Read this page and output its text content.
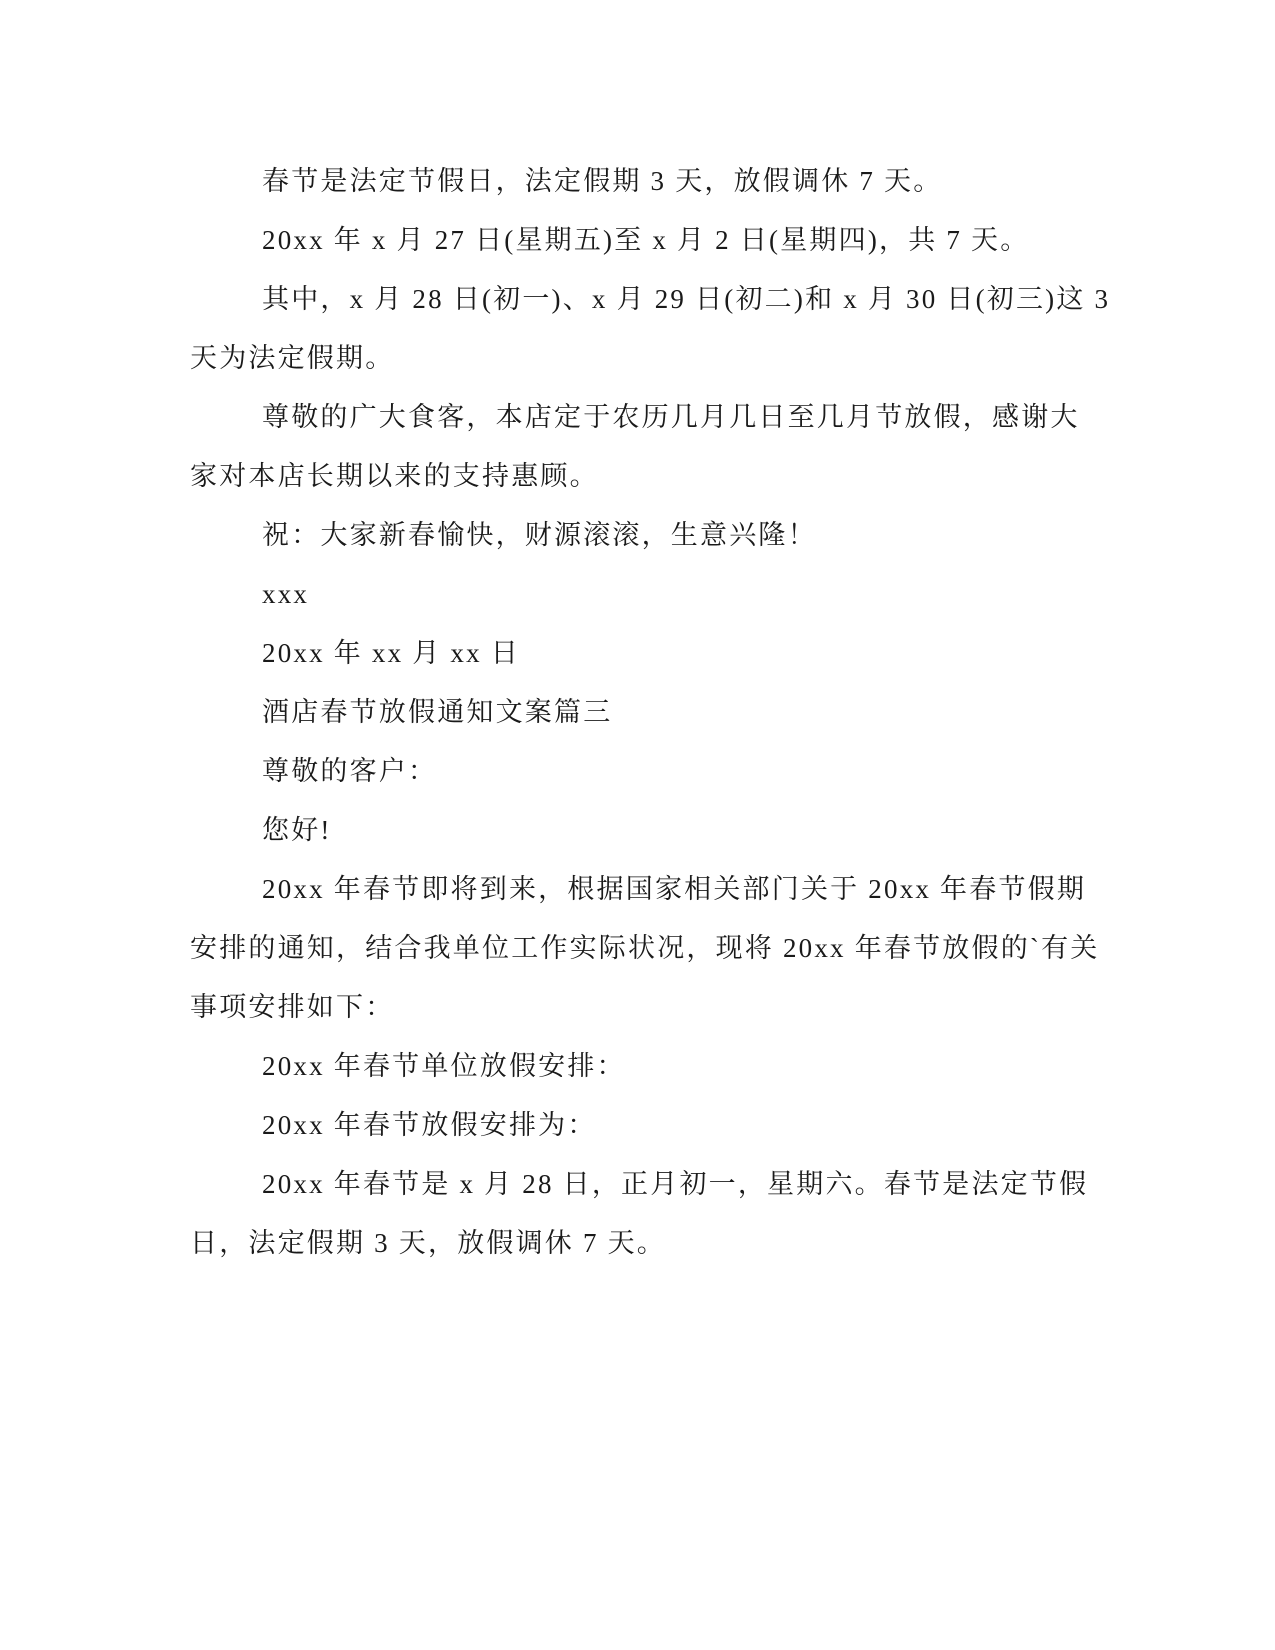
春节是法定节假日，法定假期 3 天，放假调休 7 天。
20xx 年 x 月 27 日(星期五)至 x 月 2 日(星期四)，共 7 天。
其中，x 月 28 日(初一)、x 月 29 日(初二)和 x 月 30 日(初三)这 3
天为法定假期。
尊敬的广大食客，本店定于农历几月几日至几月节放假，感谢大
家对本店长期以来的支持惠顾。
祝：大家新春愉快，财源滚滚，生意兴隆！
xxx
20xx 年 xx 月 xx 日
酒店春节放假通知文案篇三
尊敬的客户：
您好!
20xx 年春节即将到来，根据国家相关部门关于 20xx 年春节假期
安排的通知，结合我单位工作实际状况，现将 20xx 年春节放假的`有关
事项安排如下：
20xx 年春节单位放假安排：
20xx 年春节放假安排为：
20xx 年春节是 x 月 28 日，正月初一，星期六。春节是法定节假
日，法定假期 3 天，放假调休 7 天。
